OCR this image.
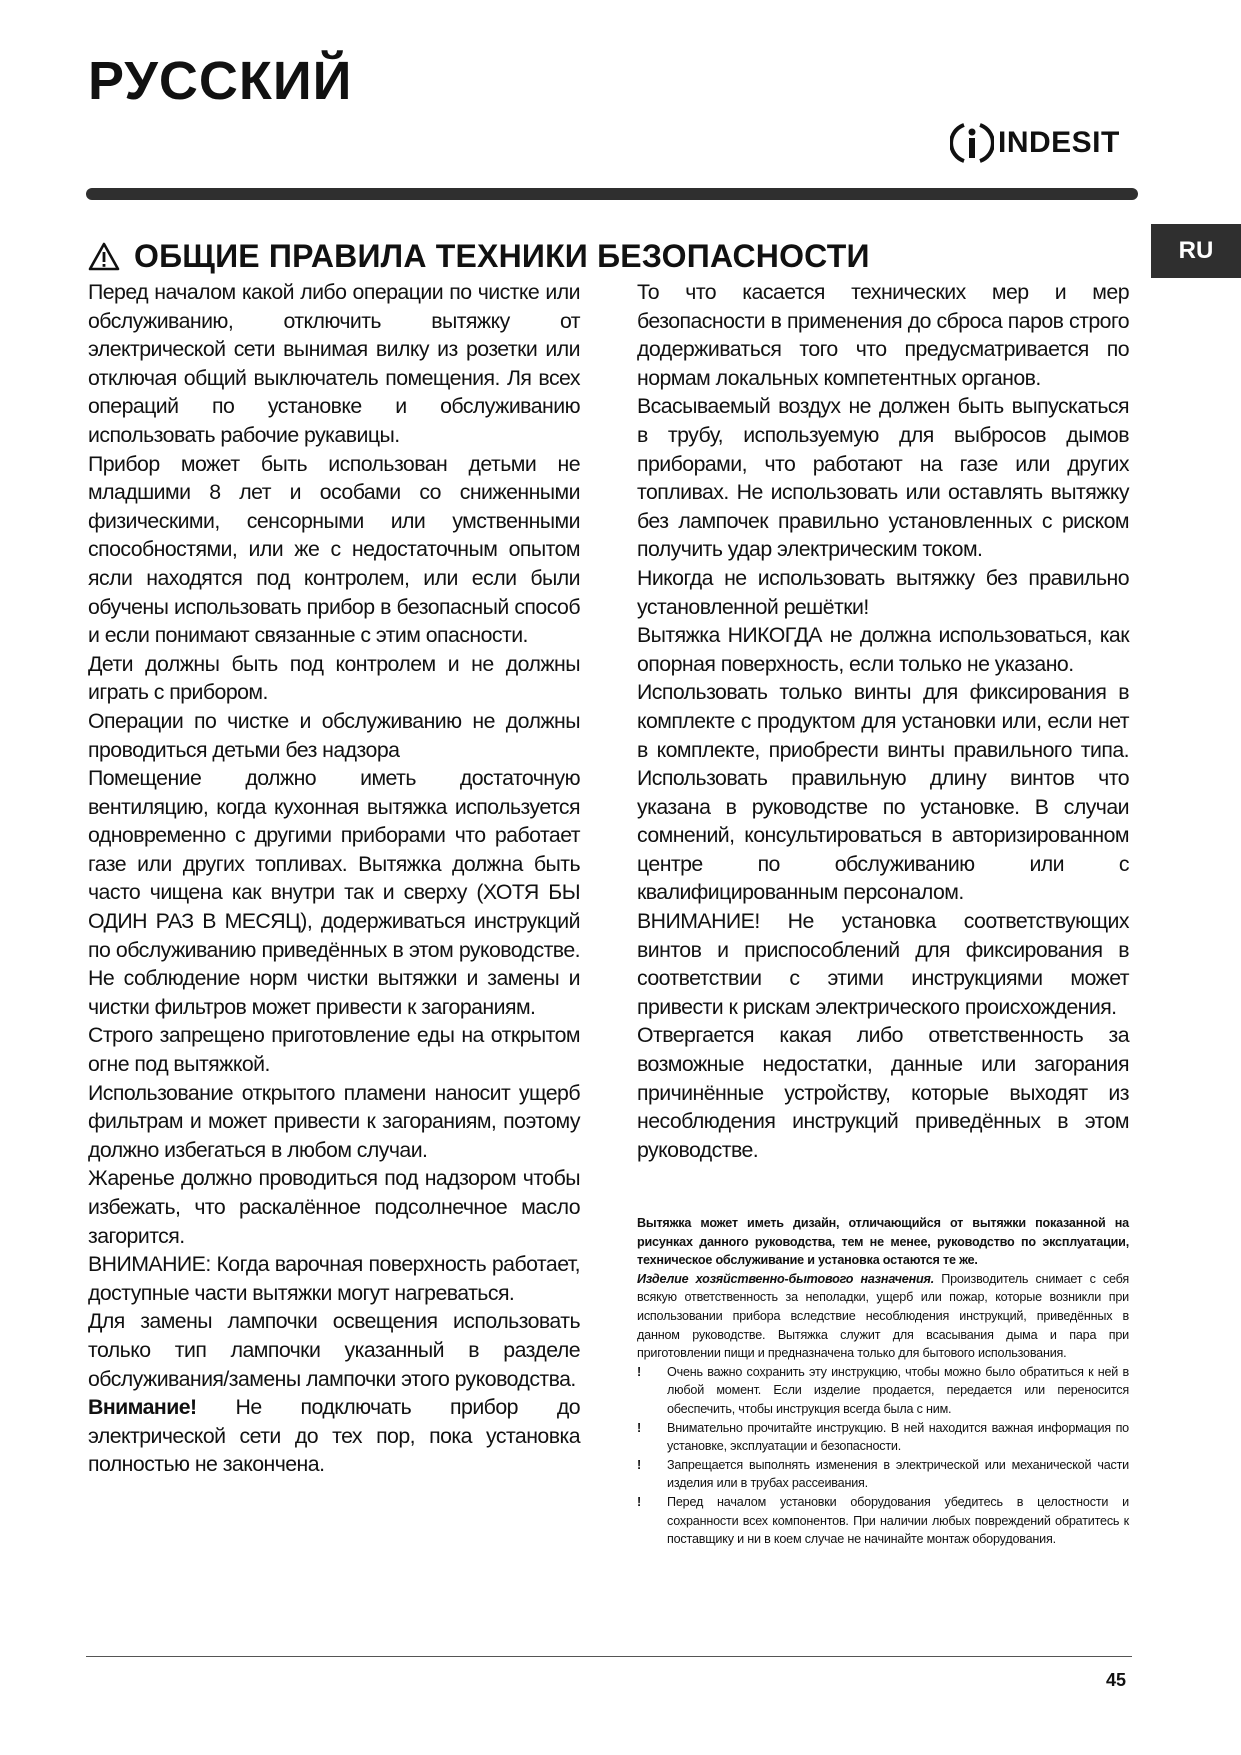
РУССКИЙ
INDESIT
RU
ОБЩИЕ ПРАВИЛА ТЕХНИКИ БЕЗОПАСНОСТИ

Перед началом какой либо операции по чистке или обслуживанию, отключить вытяжку от электрической сети вынимая вилку из розетки или отключая общий выключатель помещения. Ля всех операций по установке и обслуживанию использовать рабочие рукавицы.

Прибор может быть использован детьми не младшими 8 лет и особами со сниженными физическими, сенсорными или умственными способностями, или же с недостаточным опытом ясли находятся под контролем, или если были обучены использовать прибор в безопасный способ и если понимают связанные с этим опасности.

Дети должны быть под контролем и не должны играть с прибором.

Операции по чистке и обслуживанию не должны проводиться детьми без надзора

Помещение должно иметь достаточную вентиляцию, когда кухонная вытяжка используется одновременно с другими приборами что работает газе или других топливах. Вытяжка должна быть часто чищена как внутри так и сверху (ХОТЯ БЫ ОДИН РАЗ В МЕСЯЦ), додерживаться инструкций по обслуживанию приведённых в этом руководстве. Не соблюдение норм чистки вытяжки и замены и чистки фильтров может привести к загораниям.

Строго запрещено приготовление еды на открытом огне под вытяжкой.

Использование открытого пламени наносит ущерб фильтрам и может привести к загораниям, поэтому должно избегаться в любом случаи.

Жаренье должно проводиться под надзором чтобы избежать, что раскалённое подсолнечное масло загорится.

ВНИМАНИЕ: Когда варочная поверхность работает, доступные части вытяжки могут нагреваться.

Для замены лампочки освещения использовать только тип лампочки указанный в разделе обслуживания/замены лампочки этого руководства.

Внимание! Не подключать прибор до электрической сети до тех пор, пока установка полностью не закончена.

То что касается технических мер и мер безопасности в применения до сброса паров строго додерживаться того что предусматривается по нормам локальных компетентных органов.

Всасываемый воздух не должен быть выпускаться в трубу, используемую для выбросов дымов приборами, что работают на газе или других топливах. Не использовать или оставлять вытяжку без лампочек правильно установленных с риском получить удар электрическим током.

Никогда не использовать вытяжку без правильно установленной решётки!

Вытяжка НИКОГДА не должна использоваться, как опорная поверхность, если только не указано.

Использовать только винты для фиксирования в комплекте с продуктом для установки или, если нет в комплекте, приобрести винты правильного типа. Использовать правильную длину винтов что указана в руководстве по установке. В случаи сомнений, консультироваться в авторизированном центре по обслуживанию или с квалифицированным персоналом.

ВНИМАНИЕ! Не установка соответствующих винтов и приспособлений для фиксирования в соответствии с этими инструкциями может привести к рискам электрического происхождения.

Отвергается какая либо ответственность за возможные недостатки, данные или загорания причинённые устройству, которые выходят из несоблюдения инструкций приведённых в этом руководстве.

Вытяжка может иметь дизайн, отличающийся от вытяжки показанной на рисунках данного руководства, тем не менее, руководство по эксплуатации, техническое обслуживание и установка остаются те же.

Изделие хозяйственно-бытового назначения. Производитель снимает с себя всякую ответственность за неполадки, ущерб или пожар, которые возникли при использовании прибора вследствие несоблюдения инструкций, приведённых в данном руководстве. Вытяжка служит для всасывания дыма и пара при приготовлении пищи и предназначена только для бытового использования.

! Очень важно сохранить эту инструкцию, чтобы можно было обратиться к ней в любой момент. Если изделие продается, передается или переносится обеспечить, чтобы инструкция всегда была с ним.
! Внимательно прочитайте инструкцию. В ней находится важная информация по установке, эксплуатации и безопасности.
! Запрещается выполнять изменения в электрической или механической части изделия или в трубах рассеивания.
! Перед началом установки оборудования убедитесь в целостности и сохранности всех компонентов. При наличии любых повреждений обратитесь к поставщику и ни в коем случае не начинайте монтаж оборудования.
45
